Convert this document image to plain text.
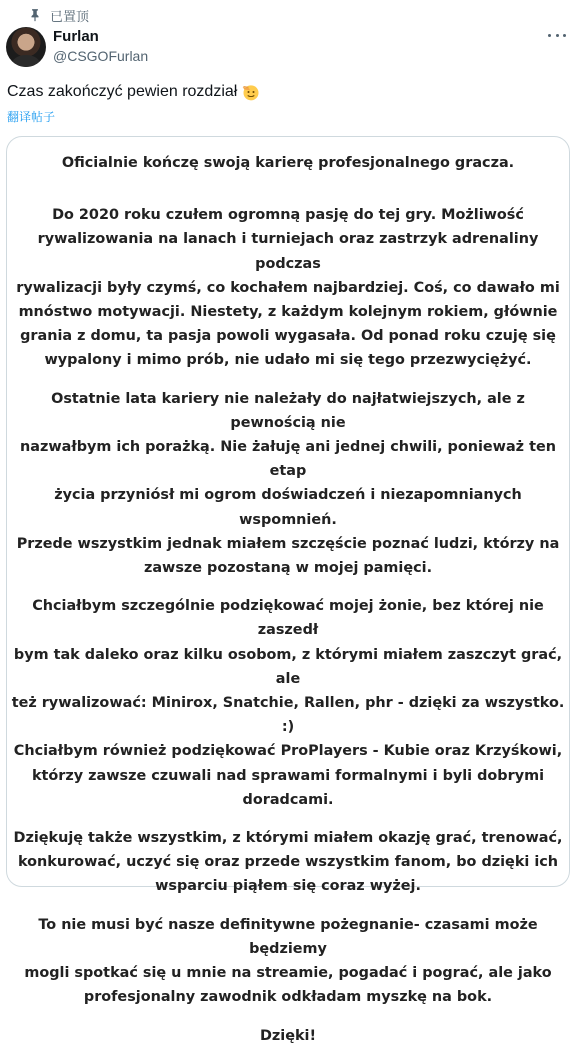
已置顶
Furlan
@CSGOFurlan
Czas zakończyć pewien rozdział
翻译帖子

Oficialnie kończę swoją karierę profesjonalnego gracza.

Do 2020 roku czułem ogromną pasję do tej gry. Możliwość
rywalizowania na lanach i turniejach oraz zastrzyk adrenaliny podczas
rywalizacji były czymś, co kochałem najbardziej. Coś, co dawało mi
mnóstwo motywacji. Niestety, z każdym kolejnym rokiem, głównie
grania z domu, ta pasja powoli wygasała. Od ponad roku czuję się
wypalony i mimo prób, nie udało mi się tego przezwyciężyć.

Ostatnie lata kariery nie należały do najłatwiejszych, ale z pewnością nie
nazwałbym ich porażką. Nie żałuję ani jednej chwili, ponieważ ten etap
życia przyniósł mi ogrom doświadczeń i niezapomnianych wspomnień.
Przede wszystkim jednak miałem szczęście poznać ludzi, którzy na
zawsze pozostaną w mojej pamięci.

Chciałbym szczególnie podziękować mojej żonie, bez której nie zaszedł
bym tak daleko oraz kilku osobom, z którymi miałem zaszczyt grać, ale
też rywalizować: Minirox, Snatchie, Rallen, phr - dzięki za wszystko. :)
Chciałbym również podziękować ProPlayers - Kubie oraz Krzyśkowi,
którzy zawsze czuwali nad sprawami formalnymi i byli dobrymi
doradcami.

Dziękuję także wszystkim, z którymi miałem okazję grać, trenować,
konkurować, uczyć się oraz przede wszystkim fanom, bo dzięki ich
wsparciu piąłem się coraz wyżej.

To nie musi być nasze definitywne pożegnanie- czasami może będziemy
mogli spotkać się u mnie na streamie, pogadać i pograć, ale jako
profesjonalny zawodnik odkładam myszkę na bok.

Dzięki!
